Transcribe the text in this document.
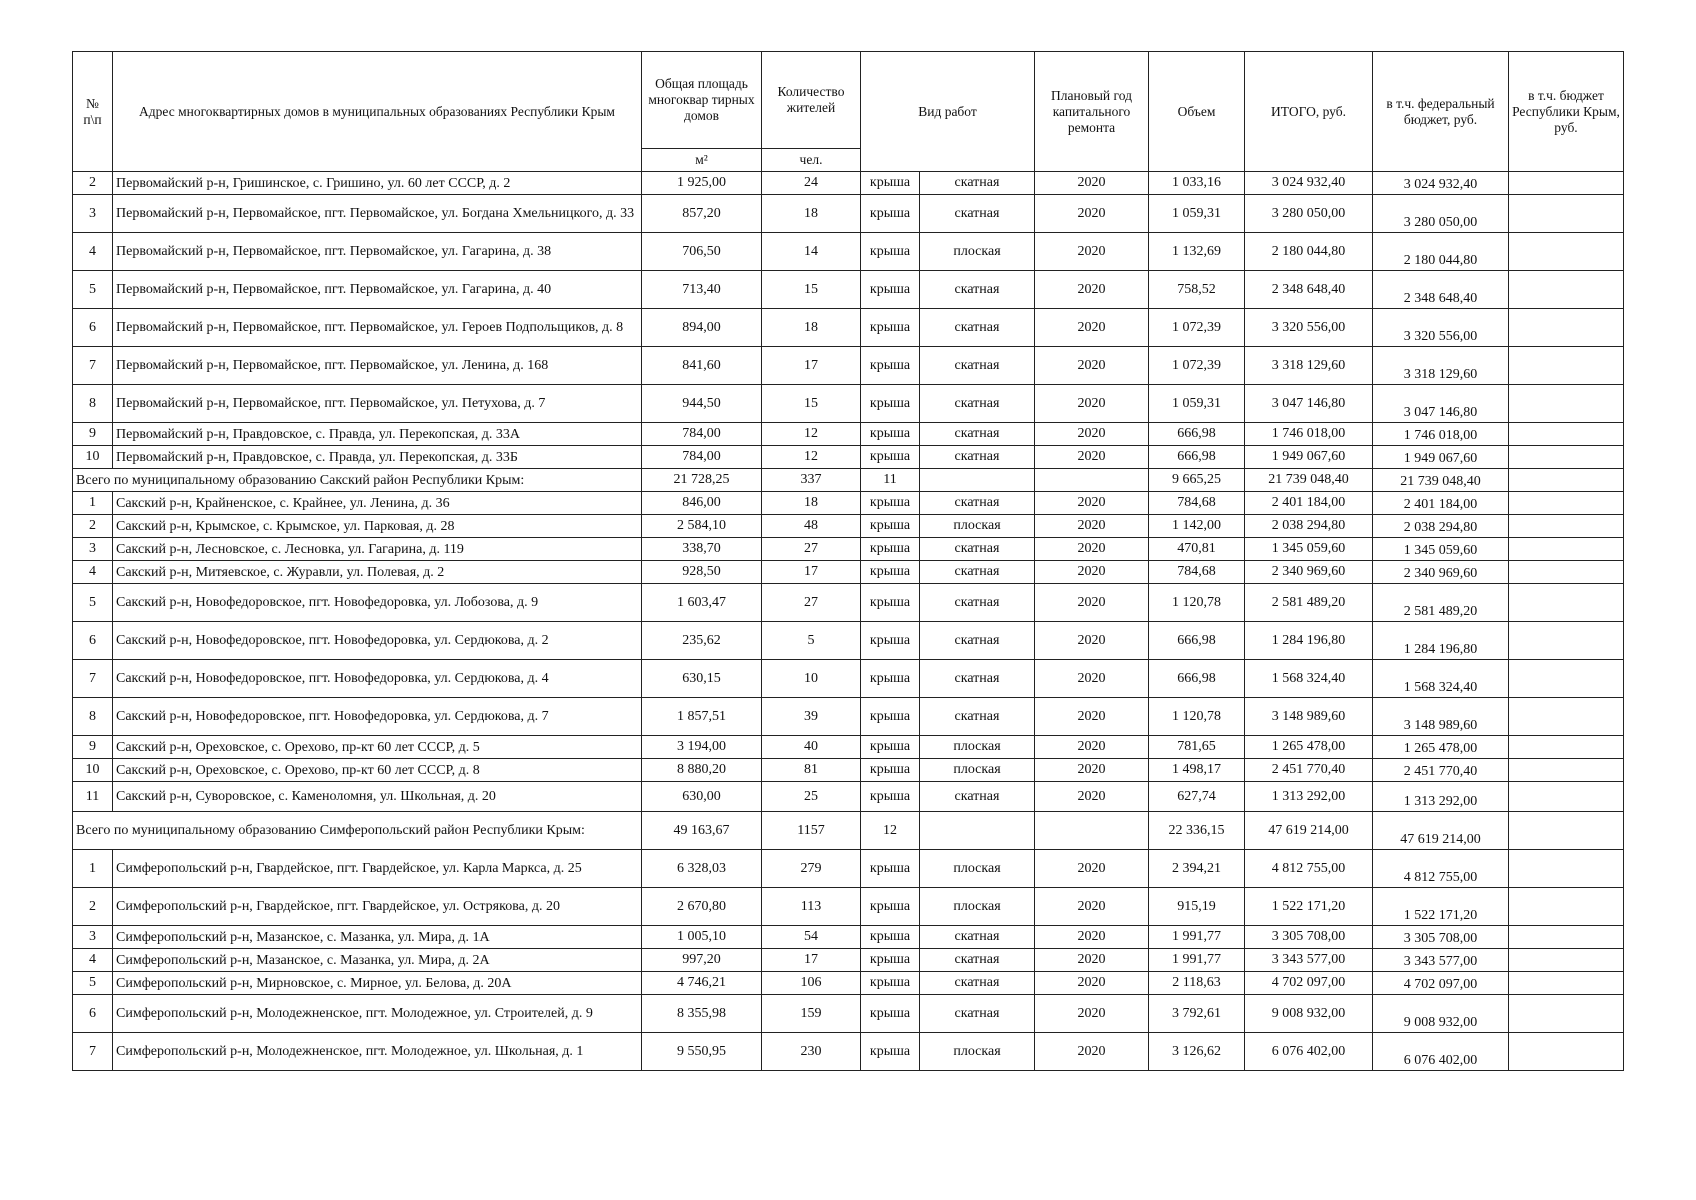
№ п\п	Адрес многоквартирных домов в муниципальных образованиях Республики Крым	Общая площадь многоквар тирных домов	Количество жителей	Вид работ		Плановый год капитального ремонта	Объем	ИТОГО, руб.	в т.ч. федеральный бюджет, руб.	в т.ч. бюджет Республики Крым, руб.
		м²	чел.							
2	Первомайский р-н, Гришинское, с. Гришино, ул. 60 лет СССР, д. 2	1 925,00	24	крыша	скатная	2020	1 033,16	3 024 932,40	3 024 932,40	
3	Первомайский р-н, Первомайское, пгт. Первомайское, ул. Богдана Хмельницкого, д. 33	857,20	18	крыша	скатная	2020	1 059,31	3 280 050,00	3 280 050,00	
4	Первомайский р-н, Первомайское, пгт. Первомайское, ул. Гагарина, д. 38	706,50	14	крыша	плоская	2020	1 132,69	2 180 044,80	2 180 044,80	
5	Первомайский р-н, Первомайское, пгт. Первомайское, ул. Гагарина, д. 40	713,40	15	крыша	скатная	2020	758,52	2 348 648,40	2 348 648,40	
6	Первомайский р-н, Первомайское, пгт. Первомайское, ул. Героев Подпольщиков, д. 8	894,00	18	крыша	скатная	2020	1 072,39	3 320 556,00	3 320 556,00	
7	Первомайский р-н, Первомайское, пгт. Первомайское, ул. Ленина, д. 168	841,60	17	крыша	скатная	2020	1 072,39	3 318 129,60	3 318 129,60	
8	Первомайский р-н, Первомайское, пгт. Первомайское, ул. Петухова, д. 7	944,50	15	крыша	скатная	2020	1 059,31	3 047 146,80	3 047 146,80	
9	Первомайский р-н, Правдовское, с. Правда, ул. Перекопская, д. 33А	784,00	12	крыша	скатная	2020	666,98	1 746 018,00	1 746 018,00	
10	Первомайский р-н, Правдовское, с. Правда, ул. Перекопская, д. 33Б	784,00	12	крыша	скатная	2020	666,98	1 949 067,60	1 949 067,60	
Всего по муниципальному образованию Сакский район Республики Крым:		21 728,25	337	11			9 665,25	21 739 048,40	21 739 048,40	
1	Сакский р-н, Крайненское, с. Крайнее, ул. Ленина, д. 36	846,00	18	крыша	скатная	2020	784,68	2 401 184,00	2 401 184,00	
2	Сакский р-н, Крымское, с. Крымское, ул. Парковая, д. 28	2 584,10	48	крыша	плоская	2020	1 142,00	2 038 294,80	2 038 294,80	
3	Сакский р-н, Лесновское, с. Лесновка, ул. Гагарина, д. 119	338,70	27	крыша	скатная	2020	470,81	1 345 059,60	1 345 059,60	
4	Сакский р-н, Митяевское, с. Журавли, ул. Полевая, д. 2	928,50	17	крыша	скатная	2020	784,68	2 340 969,60	2 340 969,60	
5	Сакский р-н, Новофедоровское, пгт. Новофедоровка, ул. Лобозова, д. 9	1 603,47	27	крыша	скатная	2020	1 120,78	2 581 489,20	2 581 489,20	
6	Сакский р-н, Новофедоровское, пгт. Новофедоровка, ул. Сердюкова, д. 2	235,62	5	крыша	скатная	2020	666,98	1 284 196,80	1 284 196,80	
7	Сакский р-н, Новофедоровское, пгт. Новофедоровка, ул. Сердюкова, д. 4	630,15	10	крыша	скатная	2020	666,98	1 568 324,40	1 568 324,40	
8	Сакский р-н, Новофедоровское, пгт. Новофедоровка, ул. Сердюкова, д. 7	1 857,51	39	крыша	скатная	2020	1 120,78	3 148 989,60	3 148 989,60	
9	Сакский р-н, Ореховское, с. Орехово, пр-кт 60 лет СССР, д. 5	3 194,00	40	крыша	плоская	2020	781,65	1 265 478,00	1 265 478,00	
10	Сакский р-н, Ореховское, с. Орехово, пр-кт 60 лет СССР, д. 8	8 880,20	81	крыша	плоская	2020	1 498,17	2 451 770,40	2 451 770,40	
11	Сакский р-н, Суворовское, с. Каменоломня, ул. Школьная, д. 20	630,00	25	крыша	скатная	2020	627,74	1 313 292,00	1 313 292,00	
Всего по муниципальному образованию Симферопольский район Республики Крым:		49 163,67	1157	12			22 336,15	47 619 214,00	47 619 214,00	
1	Симферопольский р-н, Гвардейское, пгт. Гвардейское, ул. Карла Маркса, д. 25	6 328,03	279	крыша	плоская	2020	2 394,21	4 812 755,00	4 812 755,00	
2	Симферопольский р-н, Гвардейское, пгт. Гвардейское, ул. Острякова, д. 20	2 670,80	113	крыша	плоская	2020	915,19	1 522 171,20	1 522 171,20	
3	Симферопольский р-н, Мазанское, с. Мазанка, ул. Мира, д. 1А	1 005,10	54	крыша	скатная	2020	1 991,77	3 305 708,00	3 305 708,00	
4	Симферопольский р-н, Мазанское, с. Мазанка, ул. Мира, д. 2А	997,20	17	крыша	скатная	2020	1 991,77	3 343 577,00	3 343 577,00	
5	Симферопольский р-н, Мирновское, с. Мирное, ул. Белова, д. 20А	4 746,21	106	крыша	скатная	2020	2 118,63	4 702 097,00	4 702 097,00	
6	Симферопольский р-н, Молодежненское, пгт. Молодежное, ул. Строителей, д. 9	8 355,98	159	крыша	скатная	2020	3 792,61	9 008 932,00	9 008 932,00	
7	Симферопольский р-н, Молодежненское, пгт. Молодежное, ул. Школьная, д. 1	9 550,95	230	крыша	плоская	2020	3 126,62	6 076 402,00	6 076 402,00	
